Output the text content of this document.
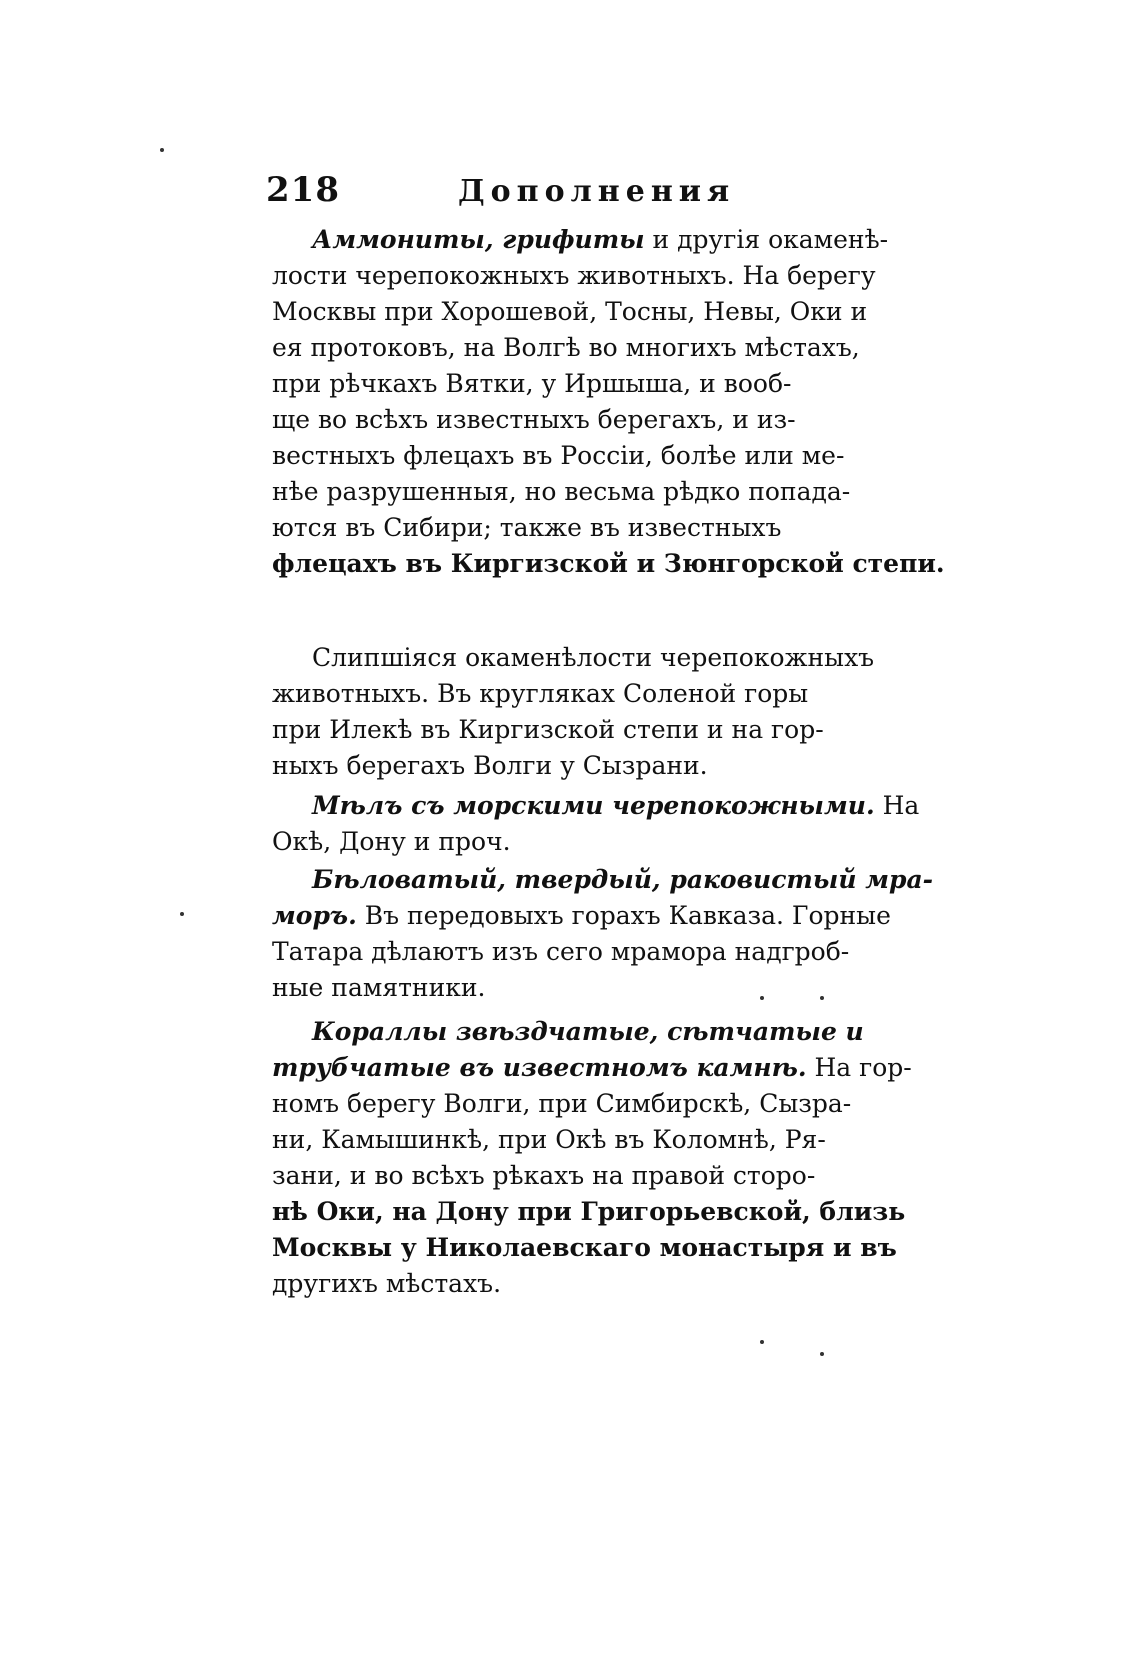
218	Дополнения
Аммониты, грифиты и другія окаменѣ-
лости черепокожныхъ животныхъ. На берегу
Москвы при Хорошевой, Тосны, Невы, Оки и
ея протоковъ, на Волгѣ во многихъ мѣстахъ,
при рѣчкахъ Вятки, у Иршыша, и вооб-
ще во всѣхъ известныхъ берегахъ, и из-
вестныхъ флецахъ въ Россіи, болѣе или ме-
нѣе разрушенныя, но весьма рѣдко попада-
ются въ Сибири; также въ известныхъ
флецахъ въ Киргизской и Зюнгорской степи.
Слипшіяся окаменѣлости черепокожныхъ
животныхъ. Въ кругляках Соленой горы
при Илекѣ въ Киргизской степи и на гор-
ныхъ берегахъ Волги у Сызрани.
Мѣлъ съ морскими черепокожными. На
Окѣ, Дону и проч.
Бѣловатый, твердый, раковистый мра-
моръ. Въ передовыхъ горахъ Кавказа. Горные
Татара дѣлаютъ изъ сего мрамора надгроб-
ные памятники.
Кораллы звѣздчатые, сѣтчатые и
трубчатые въ известномъ камнѣ. На гор-
номъ берегу Волги, при Симбирскѣ, Сызра-
ни, Камышинкѣ, при Окѣ въ Коломнѣ, Ря-
зани, и во всѣхъ рѣкахъ на правой сторо-
нѣ Оки, на Дону при Григорьевской, близь
Москвы у Николаевскаго монастыря и въ
другихъ мѣстахъ.
